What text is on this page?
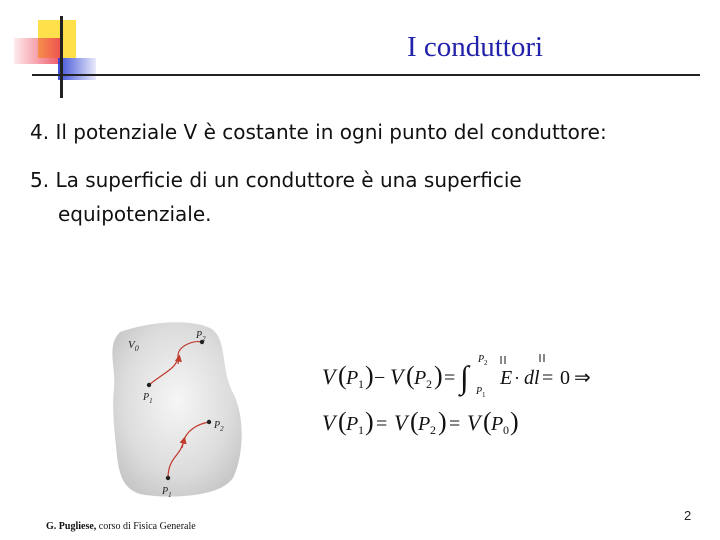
I conduttori
4. Il potenziale V è costante in ogni punto del conduttore:
5. La superficie di un conduttore è una superficie
equipotenziale.
$V_0$
$P_1$
$P_2$
$P_1$
$P_2$
V ( P 1 ) − V ( P 2 ) = ∫ P 2
P 1
E · dl = 0 ⇒
V ( P 1 ) = V ( P 2 ) = V ( P 0 )
G. Pugliese, corso di Fisica Generale
2
